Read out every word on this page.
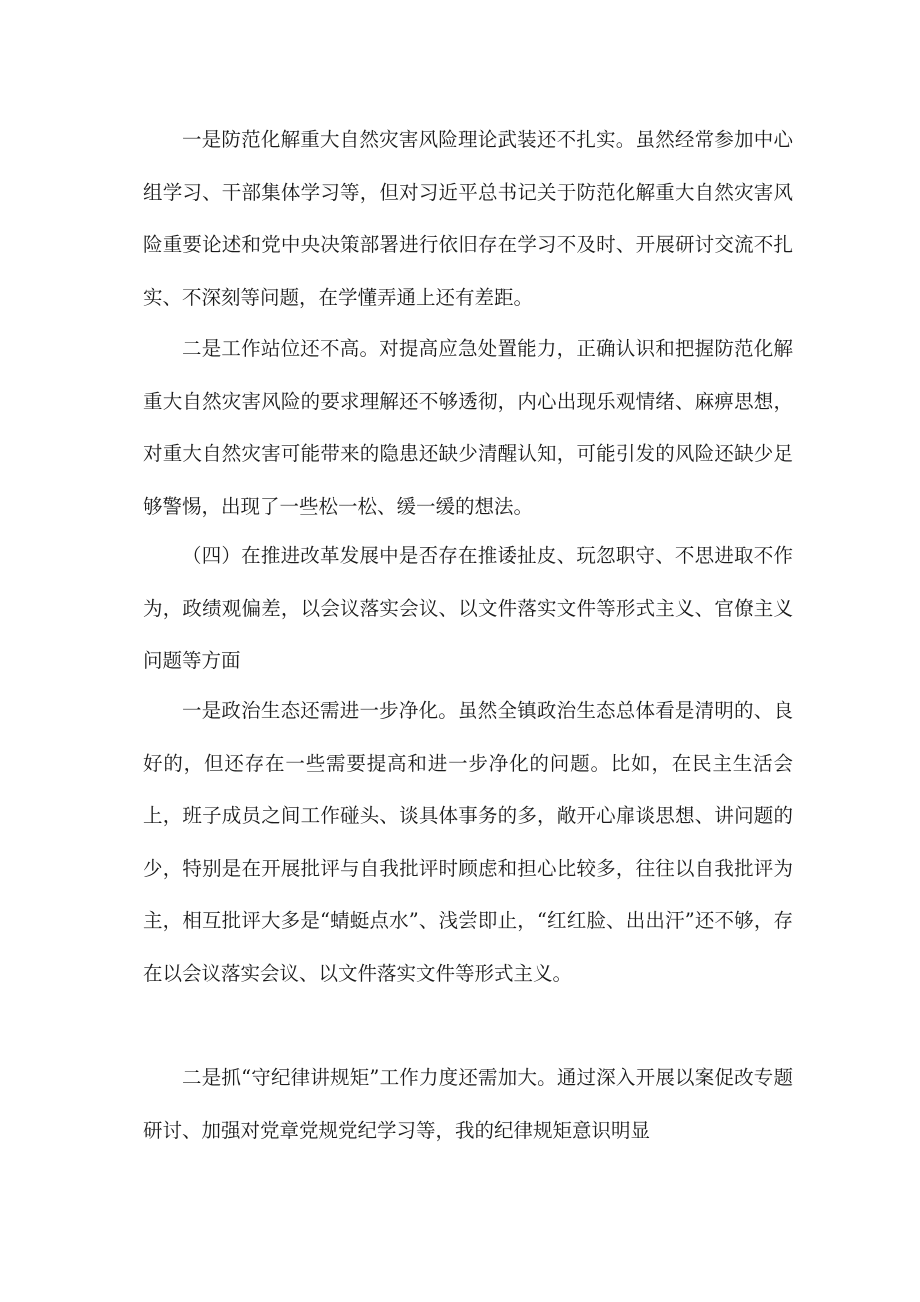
一是防范化解重大自然灾害风险理论武装还不扎实。虽然经常参加中心组学习、干部集体学习等，但对习近平总书记关于防范化解重大自然灾害风险重要论述和党中央决策部署进行依旧存在学习不及时、开展研讨交流不扎实、不深刻等问题，在学懂弄通上还有差距。

二是工作站位还不高。对提高应急处置能力，正确认识和把握防范化解重大自然灾害风险的要求理解还不够透彻，内心出现乐观情绪、麻痹思想，对重大自然灾害可能带来的隐患还缺少清醒认知，可能引发的风险还缺少足够警惕，出现了一些松一松、缓一缓的想法。

（四）在推进改革发展中是否存在推诿扯皮、玩忽职守、不思进取不作为，政绩观偏差，以会议落实会议、以文件落实文件等形式主义、官僚主义问题等方面

一是政治生态还需进一步净化。虽然全镇政治生态总体看是清明的、良好的，但还存在一些需要提高和进一步净化的问题。比如，在民主生活会上，班子成员之间工作碰头、谈具体事务的多，敞开心扉谈思想、讲问题的少，特别是在开展批评与自我批评时顾虑和担心比较多，往往以自我批评为主，相互批评大多是“蜻蜓点水”、浅尝即止，“红红脸、出出汗”还不够，存在以会议落实会议、以文件落实文件等形式主义。

二是抓“守纪律讲规矩”工作力度还需加大。通过深入开展以案促改专题研讨、加强对党章党规党纪学习等，我的纪律规矩意识明显
